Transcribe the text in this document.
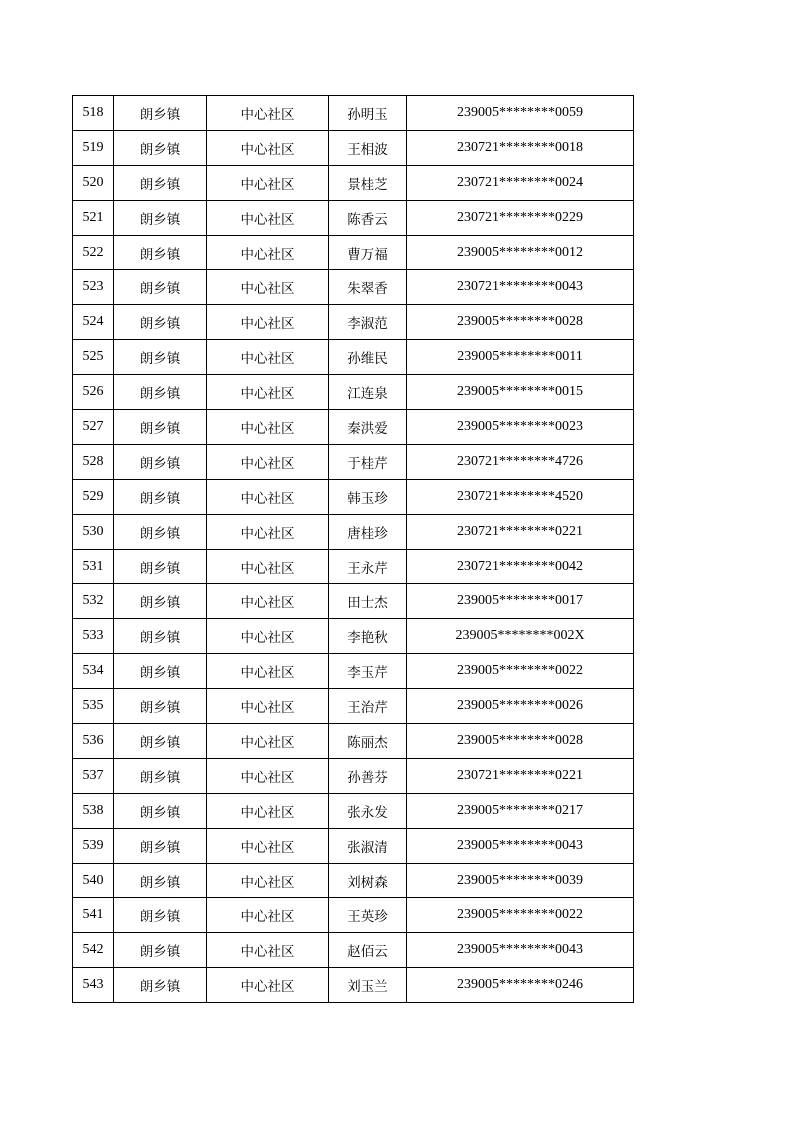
518	朗乡镇	中心社区	孙明玉	239005********0059
519	朗乡镇	中心社区	王相波	230721********0018
520	朗乡镇	中心社区	景桂芝	230721********0024
521	朗乡镇	中心社区	陈香云	230721********0229
522	朗乡镇	中心社区	曹万福	239005********0012
523	朗乡镇	中心社区	朱翠香	230721********0043
524	朗乡镇	中心社区	李淑范	239005********0028
525	朗乡镇	中心社区	孙维民	239005********0011
526	朗乡镇	中心社区	江连泉	239005********0015
527	朗乡镇	中心社区	秦洪爱	239005********0023
528	朗乡镇	中心社区	于桂芹	230721********4726
529	朗乡镇	中心社区	韩玉珍	230721********4520
530	朗乡镇	中心社区	唐桂珍	230721********0221
531	朗乡镇	中心社区	王永芹	230721********0042
532	朗乡镇	中心社区	田士杰	239005********0017
533	朗乡镇	中心社区	李艳秋	239005********002X
534	朗乡镇	中心社区	李玉芹	239005********0022
535	朗乡镇	中心社区	王治芹	239005********0026
536	朗乡镇	中心社区	陈丽杰	239005********0028
537	朗乡镇	中心社区	孙善芬	230721********0221
538	朗乡镇	中心社区	张永发	239005********0217
539	朗乡镇	中心社区	张淑清	239005********0043
540	朗乡镇	中心社区	刘树森	239005********0039
541	朗乡镇	中心社区	王英珍	239005********0022
542	朗乡镇	中心社区	赵佰云	239005********0043
543	朗乡镇	中心社区	刘玉兰	239005********0246
